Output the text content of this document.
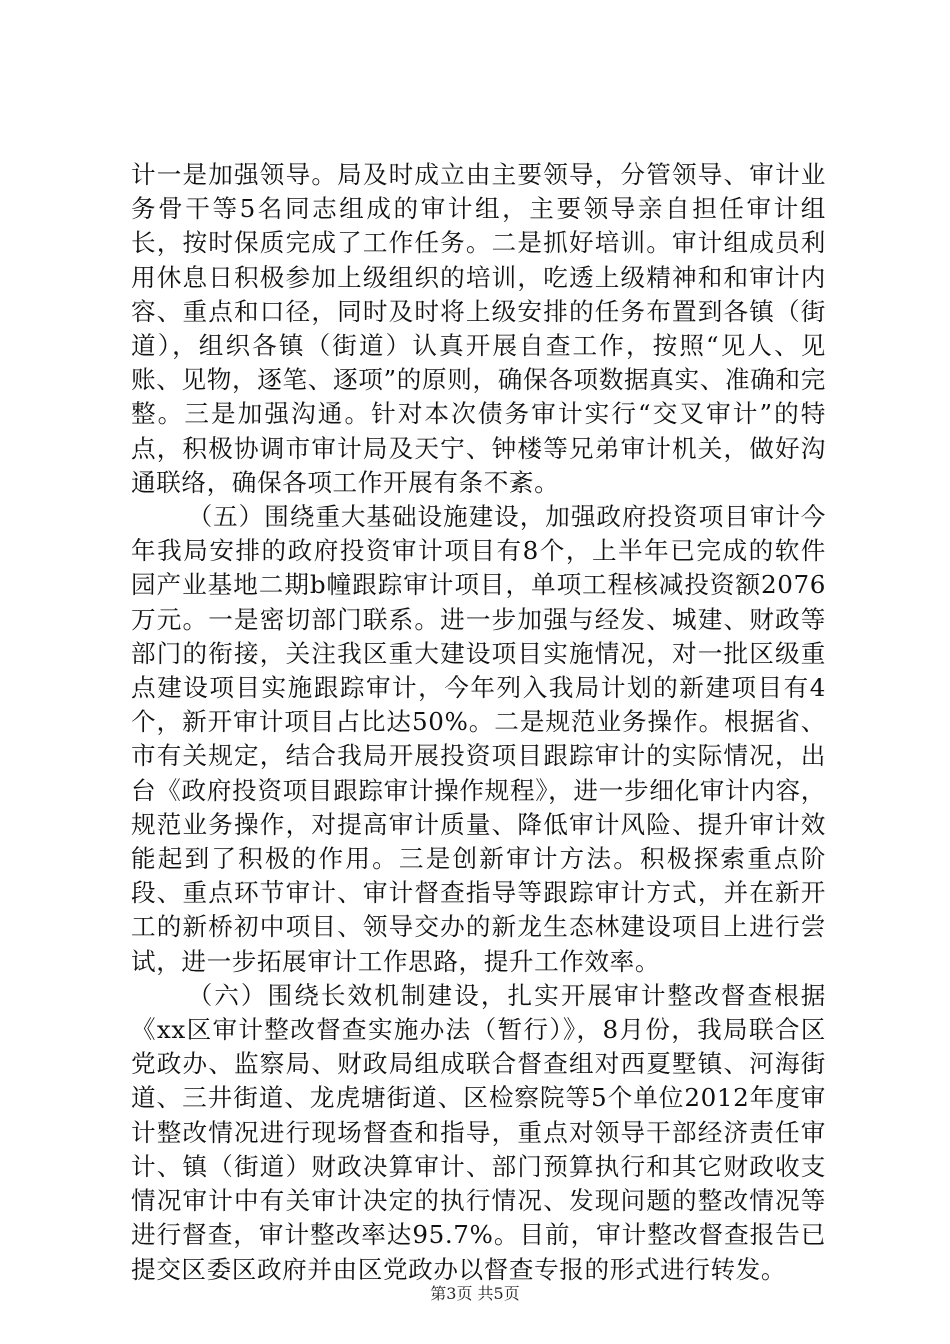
计一是加强领导。局及时成立由主要领导，分管领导、审计业务骨干等5名同志组成的审计组，主要领导亲自担任审计组长，按时保质完成了工作任务。二是抓好培训。审计组成员利用休息日积极参加上级组织的培训，吃透上级精神和和审计内容、重点和口径，同时及时将上级安排的任务布置到各镇（街道），组织各镇（街道）认真开展自查工作，按照“见人、见账、见物，逐笔、逐项”的原则，确保各项数据真实、准确和完整。三是加强沟通。针对本次债务审计实行“交叉审计”的特点，积极协调市审计局及天宁、钟楼等兄弟审计机关，做好沟通联络，确保各项工作开展有条不紊。

（五）围绕重大基础设施建设，加强政府投资项目审计今年我局安排的政府投资审计项目有8个，上半年已完成的软件园产业基地二期b幢跟踪审计项目，单项工程核减投资额2076万元。一是密切部门联系。进一步加强与经发、城建、财政等部门的衔接，关注我区重大建设项目实施情况，对一批区级重点建设项目实施跟踪审计，今年列入我局计划的新建项目有4个，新开审计项目占比达50%。二是规范业务操作。根据省、市有关规定，结合我局开展投资项目跟踪审计的实际情况，出台《政府投资项目跟踪审计操作规程》，进一步细化审计内容，规范业务操作，对提高审计质量、降低审计风险、提升审计效能起到了积极的作用。三是创新审计方法。积极探索重点阶段、重点环节审计、审计督查指导等跟踪审计方式，并在新开工的新桥初中项目、领导交办的新龙生态林建设项目上进行尝试，进一步拓展审计工作思路，提升工作效率。

（六）围绕长效机制建设，扎实开展审计整改督查根据《xx区审计整改督查实施办法（暂行）》，8月份，我局联合区党政办、监察局、财政局组成联合督查组对西夏墅镇、河海街道、三井街道、龙虎塘街道、区检察院等5个单位2012年度审计整改情况进行现场督查和指导，重点对领导干部经济责任审计、镇（街道）财政决算审计、部门预算执行和其它财政收支情况审计中有关审计决定的执行情况、发现问题的整改情况等进行督查，审计整改率达95.7%。目前，审计整改督查报告已提交区委区政府并由区党政办以督查专报的形式进行转发。

第3页 共5页
